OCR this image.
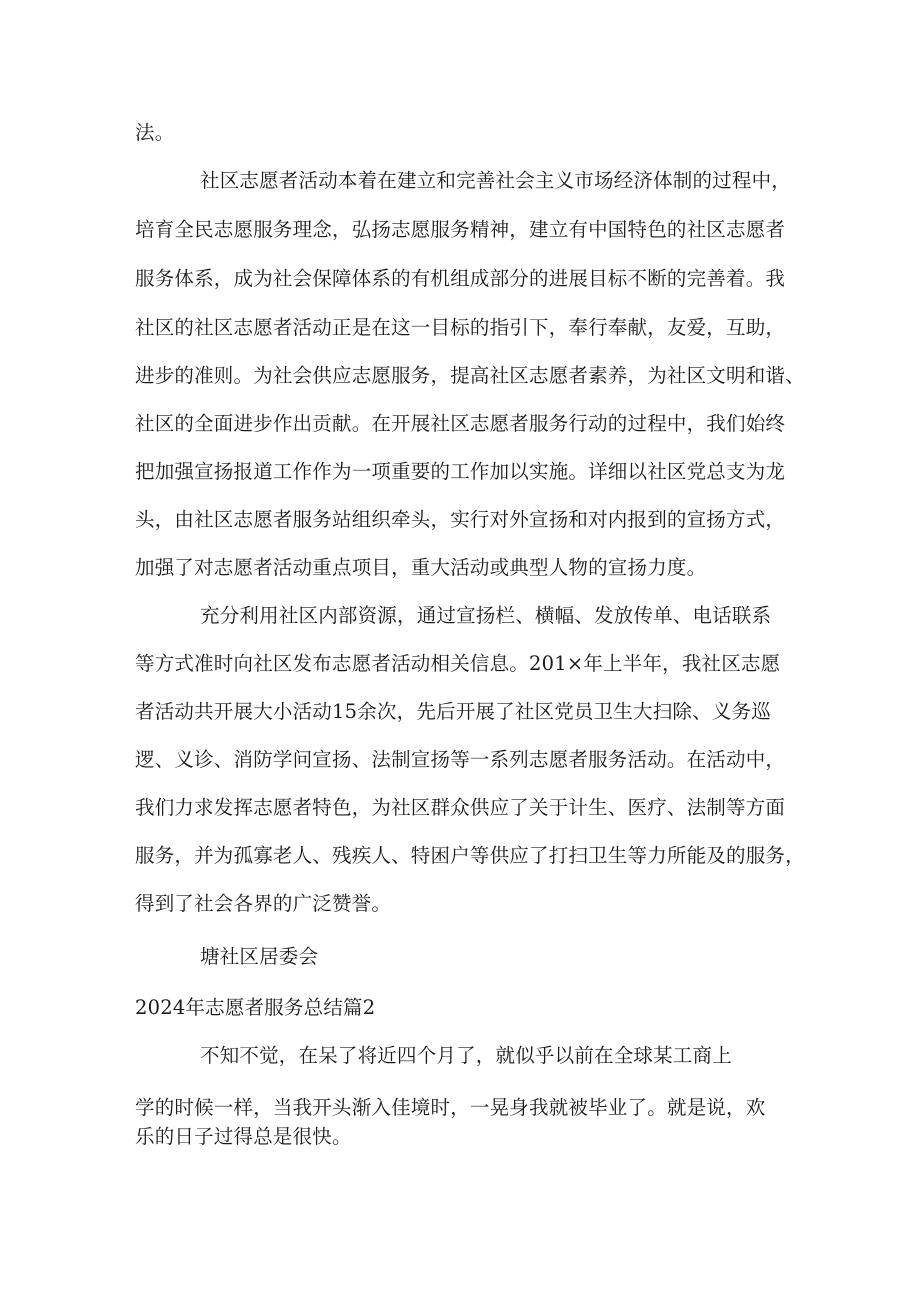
法。
社区志愿者活动本着在建立和完善社会主义市场经济体制的过程中，
培育全民志愿服务理念，弘扬志愿服务精神，建立有中国特色的社区志愿者
服务体系，成为社会保障体系的有机组成部分的进展目标不断的完善着。我
社区的社区志愿者活动正是在这一目标的指引下，奉行奉献，友爱，互助，
进步的准则。为社会供应志愿服务，提高社区志愿者素养，为社区文明和谐、
社区的全面进步作出贡献。在开展社区志愿者服务行动的过程中，我们始终
把加强宣扬报道工作作为一项重要的工作加以实施。详细以社区党总支为龙
头，由社区志愿者服务站组织牵头，实行对外宣扬和对内报到的宣扬方式，
加强了对志愿者活动重点项目，重大活动或典型人物的宣扬力度。
充分利用社区内部资源，通过宣扬栏、横幅、发放传单、电话联系
等方式准时向社区发布志愿者活动相关信息。201×年上半年，我社区志愿
者活动共开展大小活动15余次，先后开展了社区党员卫生大扫除、义务巡
逻、义诊、消防学问宣扬、法制宣扬等一系列志愿者服务活动。在活动中，
我们力求发挥志愿者特色，为社区群众供应了关于计生、医疗、法制等方面
服务，并为孤寡老人、残疾人、特困户等供应了打扫卫生等力所能及的服务，
得到了社会各界的广泛赞誉。
塘社区居委会
2024年志愿者服务总结篇2
不知不觉，在呆了将近四个月了，就似乎以前在全球某工商上
学的时候一样，当我开头渐入佳境时，一晃身我就被毕业了。就是说，欢
乐的日子过得总是很快。
